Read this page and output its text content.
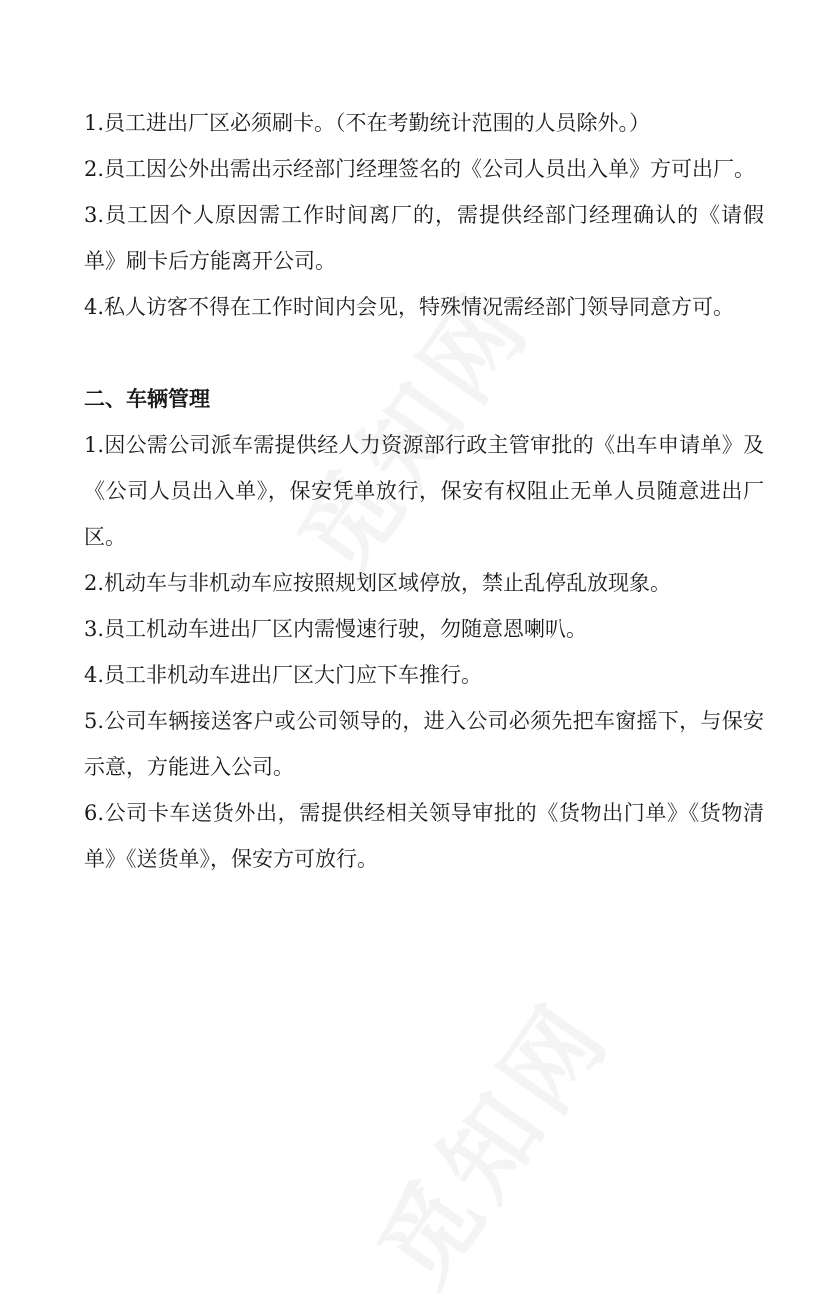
1.员工进出厂区必须刷卡。（不在考勤统计范围的人员除外。）

2.员工因公外出需出示经部门经理签名的《公司人员出入单》方可出厂。

3.员工因个人原因需工作时间离厂的，需提供经部门经理确认的《请假单》刷卡后方能离开公司。

4.私人访客不得在工作时间内会见，特殊情况需经部门领导同意方可。

二、车辆管理

1.因公需公司派车需提供经人力资源部行政主管审批的《出车申请单》及《公司人员出入单》，保安凭单放行，保安有权阻止无单人员随意进出厂区。

2.机动车与非机动车应按照规划区域停放，禁止乱停乱放现象。

3.员工机动车进出厂区内需慢速行驶，勿随意恩喇叭。

4.员工非机动车进出厂区大门应下车推行。

5.公司车辆接送客户或公司领导的，进入公司必须先把车窗摇下，与保安示意，方能进入公司。

6.公司卡车送货外出，需提供经相关领导审批的《货物出门单》《货物清单》《送货单》，保安方可放行。
